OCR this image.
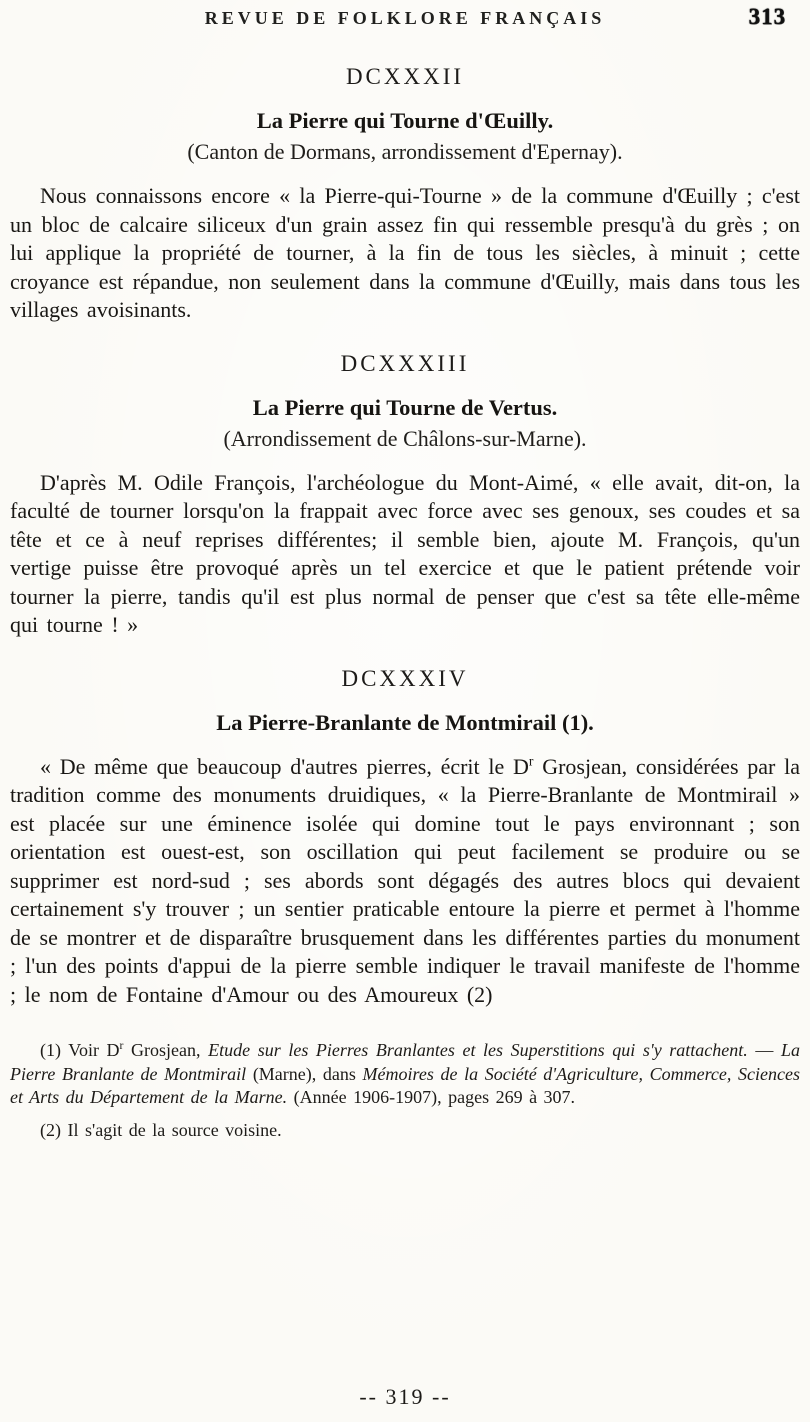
REVUE DE FOLKLORE FRANÇAIS	313
DCXXXII
La Pierre qui Tourne d'Œuilly.
(Canton de Dormans, arrondissement d'Epernay).

Nous connaissons encore « la Pierre-qui-Tourne » de la commune d'Œuilly ; c'est un bloc de calcaire siliceux d'un grain assez fin qui ressemble presqu'à du grès ; on lui applique la propriété de tourner, à la fin de tous les siècles, à minuit ; cette croyance est répandue, non seulement dans la commune d'Œuilly, mais dans tous les villages avoisinants.

DCXXXIII
La Pierre qui Tourne de Vertus.
(Arrondissement de Châlons-sur-Marne).

D'après M. Odile François, l'archéologue du Mont-Aimé, « elle avait, dit-on, la faculté de tourner lorsqu'on la frappait avec force avec ses genoux, ses coudes et sa tête et ce à neuf reprises différentes; il semble bien, ajoute M. François, qu'un vertige puisse être provoqué après un tel exercice et que le patient prétende voir tourner la pierre, tandis qu'il est plus normal de penser que c'est sa tête elle-même qui tourne ! »

DCXXXIV
La Pierre-Branlante de Montmirail (1).

« De même que beaucoup d'autres pierres, écrit le $D^r$ Grosjean, considérées par la tradition comme des monuments druidiques, « la Pierre-Branlante de Montmirail » est placée sur une éminence isolée qui domine tout le pays environnant ; son orientation est ouest-est, son oscillation qui peut facilement se produire ou se supprimer est nord-sud ; ses abords sont dégagés des autres blocs qui devaient certainement s'y trouver ; un sentier praticable entoure la pierre et permet à l'homme de se montrer et de disparaître brusquement dans les différentes parties du monument ; l'un des points d'appui de la pierre semble indiquer le travail manifeste de l'homme ; le nom de Fontaine d'Amour ou des Amoureux (2)

(1) Voir $D^r$ Grosjean, Etude sur les Pierres Branlantes et les Superstitions qui s'y rattachent. — La Pierre Branlante de Montmirail (Marne), dans Mémoires de la Société d'Agriculture, Commerce, Sciences et Arts du Département de la Marne. (Année 1906-1907), pages 269 à 307.

(2) Il s'agit de la source voisine.

-- 319 --
